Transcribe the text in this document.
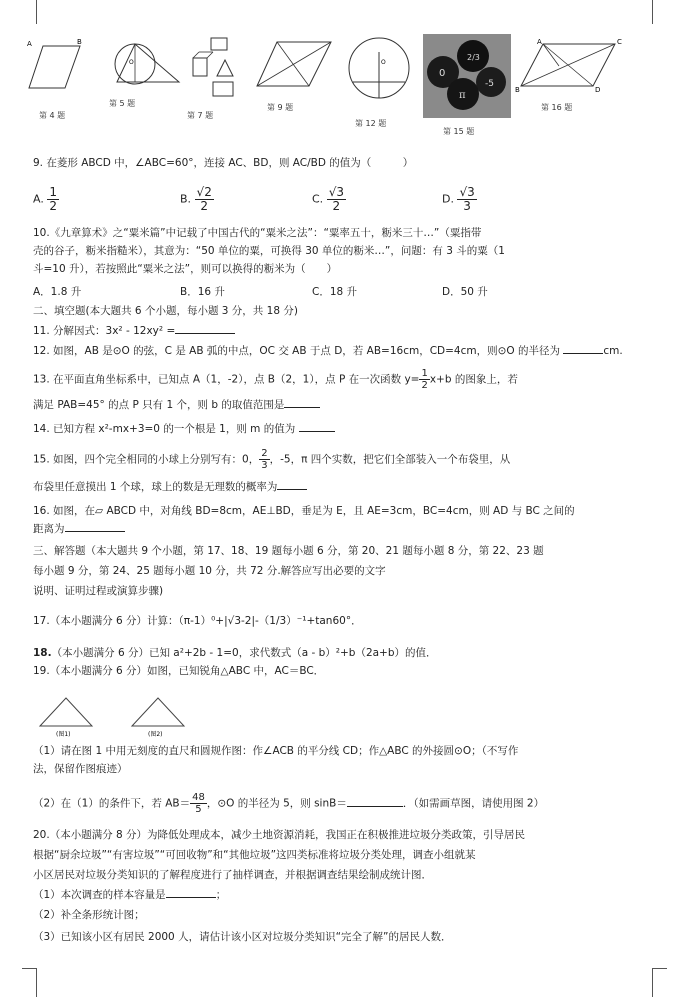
A	B
第 4 题
O
第 5 题
第 7 题
第 9 题
O
第 12 题
0
2/3
-5
π
第 15 题
A	C
B	D
第 16 题
9. 在菱形 ABCD 中，∠ABC=60°，连接 AC、BD，则 AC/BD 的值为（　　　）
A. $\frac{1}{2}$	B. $\frac{√2}{2}$	C. $\frac{√3}{2}$	D. $\frac{√3}{3}$
10.《九章算术》之“粟米篇”中记载了中国古代的“粟米之法”：“粟率五十，粝米三十…”（粟指带
壳的谷子，粝米指糙米），其意为：“50 单位的粟，可换得 30 单位的粝米…”，问题：有 3 斗的粟（1
斗=10 升），若按照此“粟米之法”，则可以换得的粝米为（　　）
A．1.8 升	B．16 升	C．18 升	D．50 升
二、填空题(本大题共 6 个小题，每小题 3 分，共 18 分)
11. 分解因式：3x² - 12xy² =
12. 如图，AB 是⊙O 的弦，C 是 AB 弧的中点，OC 交 AB 于点 D，若 AB=16cm，CD=4cm，则⊙O 的半径为	cm.
13. 在平面直角坐标系中，已知点 A（1，-2），点 B（2，1），点 P 在一次函数 $y= \frac{1}{2} x+b$ 的图象上，若
满足 PAB=45° 的点 P 只有 1 个，则 b 的取值范围是
14. 已知方程 x²-mx+3=0 的一个根是 1，则 m 的值为
15. 如图，四个完全相同的小球上分别写有：0， $\frac{2}{3}$ ，-5，π 四个实数，把它们全部装入一个布袋里，从
布袋里任意摸出 1 个球，球上的数是无理数的概率为
16. 如图，在▱ ABCD 中，对角线 BD=8cm，AE⊥BD，垂足为 E，且 AE=3cm，BC=4cm，则 AD 与 BC 之间的
距离为
三、解答题（本大题共 9 个小题，第 17、18、19 题每小题 6 分，第 20、21 题每小题 8 分，第 22、23 题
每小题 9 分，第 24、25 题每小题 10 分，共 72 分.解答应写出必要的文字
说明、证明过程或演算步骤)
17.（本小题满分 6 分）计算：（π-1）⁰+|√3-2|-（1/3）⁻¹+tan60°．
18.（本小题满分 6 分）已知 a²+2b - 1=0，求代数式（a - b）²+b（2a+b）的值．
19.（本小题满分 6 分）如图，已知锐角△ABC 中，AC＝BC．
(图1)	(图2)
（1）请在图 1 中用无刻度的直尺和圆规作图：作∠ACB 的平分线 CD；作△ABC 的外接圆⊙O；（不写作
法，保留作图痕迹）
（2）在（1）的条件下，若 $AB= \frac{48}{5}$ ，⊙O 的半径为 5，则 sinB＝	．（如需画草图，请使用图 2）
20.（本小题满分 8 分）为降低处理成本，减少土地资源消耗，我国正在积极推进垃圾分类政策，引导居民
根据“厨余垃圾”“有害垃圾”“可回收物”和“其他垃圾”这四类标准将垃圾分类处理，调查小组就某
小区居民对垃圾分类知识的了解程度进行了抽样调查，并根据调查结果绘制成统计图．
（1）本次调查的样本容量是	；
（2）补全条形统计图；
（3）已知该小区有居民 2000 人，请估计该小区对垃圾分类知识“完全了解”的居民人数．
